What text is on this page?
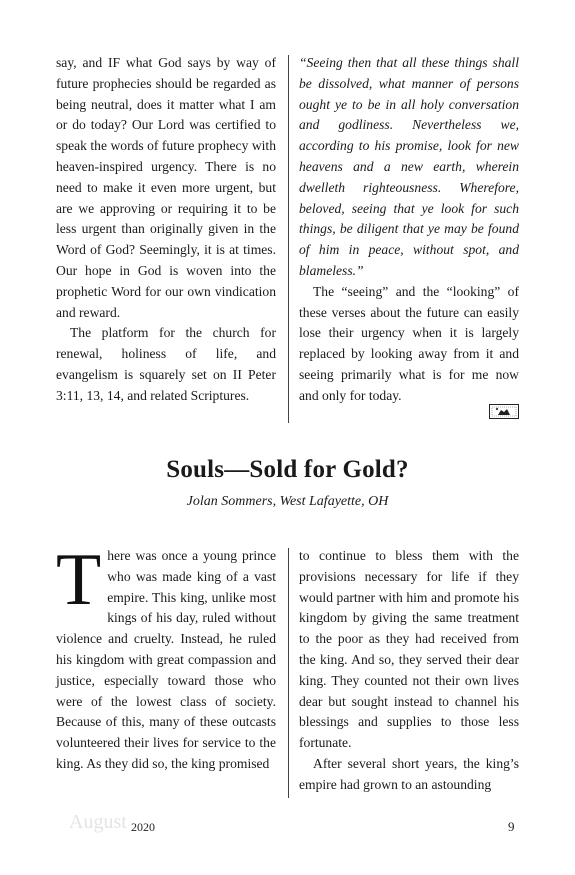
say, and IF what God says by way of future prophecies should be regarded as being neutral, does it matter what I am or do today? Our Lord was certified to speak the words of future prophecy with heaven-inspired urgency. There is no need to make it even more urgent, but are we approving or requiring it to be less urgent than originally given in the Word of God? Seemingly, it is at times. Our hope in God is woven into the prophetic Word for our own vindication and reward.

The platform for the church for renewal, holiness of life, and evangelism is squarely set on II Peter 3:11, 13, 14, and related Scriptures.

“Seeing then that all these things shall be dissolved, what manner of persons ought ye to be in all holy conversation and godliness. Nevertheless we, according to his promise, look for new heavens and a new earth, wherein dwelleth righteousness. Wherefore, beloved, seeing that ye look for such things, be diligent that ye may be found of him in peace, without spot, and blameless.”

The “seeing” and the “looking” of these verses about the future can easily lose their urgency when it is largely replaced by looking away from it and seeing primarily what is for me now and only for today.

Souls—Sold for Gold?
Jolan Sommers, West Lafayette, OH

There was once a young prince who was made king of a vast empire. This king, unlike most kings of his day, ruled without violence and cruelty. Instead, he ruled his kingdom with great compassion and justice, especially toward those who were of the lowest class of society. Because of this, many of these outcasts volunteered their lives for service to the king. As they did so, the king promised

to continue to bless them with the provisions necessary for life if they would partner with him and promote his kingdom by giving the same treatment to the poor as they had received from the king. And so, they served their dear king. They counted not their own lives dear but sought instead to channel his blessings and supplies to those less fortunate.

After several short years, the king’s empire had grown to an astounding

August 2020	9
